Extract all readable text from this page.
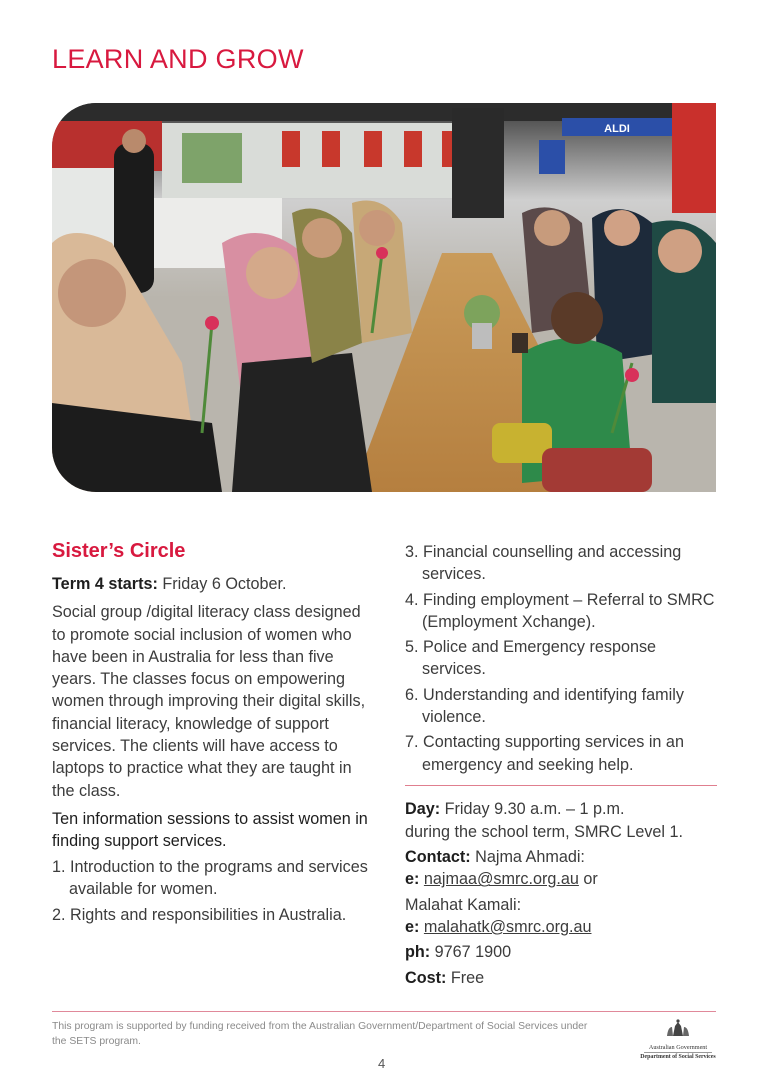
LEARN AND GROW
ALDI
Sister’s Circle

Term 4 starts: Friday 6 October.

Social group /digital literacy class designed to promote social inclusion of women who have been in Australia for less than five years. The classes focus on empowering women through improving their digital skills, financial literacy, knowledge of support services. The clients will have access to laptops to practice what they are taught in the class.

Ten information sessions to assist women in finding support services.

1. Introduction to the programs and services available for women.
2. Rights and responsibilities in Australia.
3. Financial counselling and accessing services.
4. Finding employment – Referral to SMRC (Employment Xchange).
5. Police and Emergency response services.
6. Understanding and identifying family violence.
7. Contacting supporting services in an emergency and seeking help.
Day: Friday 9.30 a.m. – 1 p.m.
during the school term, SMRC Level 1.
Contact: Najma Ahmadi:
e: najmaa@smrc.org.au or
Malahat Kamali:
e: malahatk@smrc.org.au
ph: 9767 1900
Cost: Free
This program is supported by funding received from the Australian Government/Department of Social Services under the SETS program.
4
Australian Government
Department of Social Services
